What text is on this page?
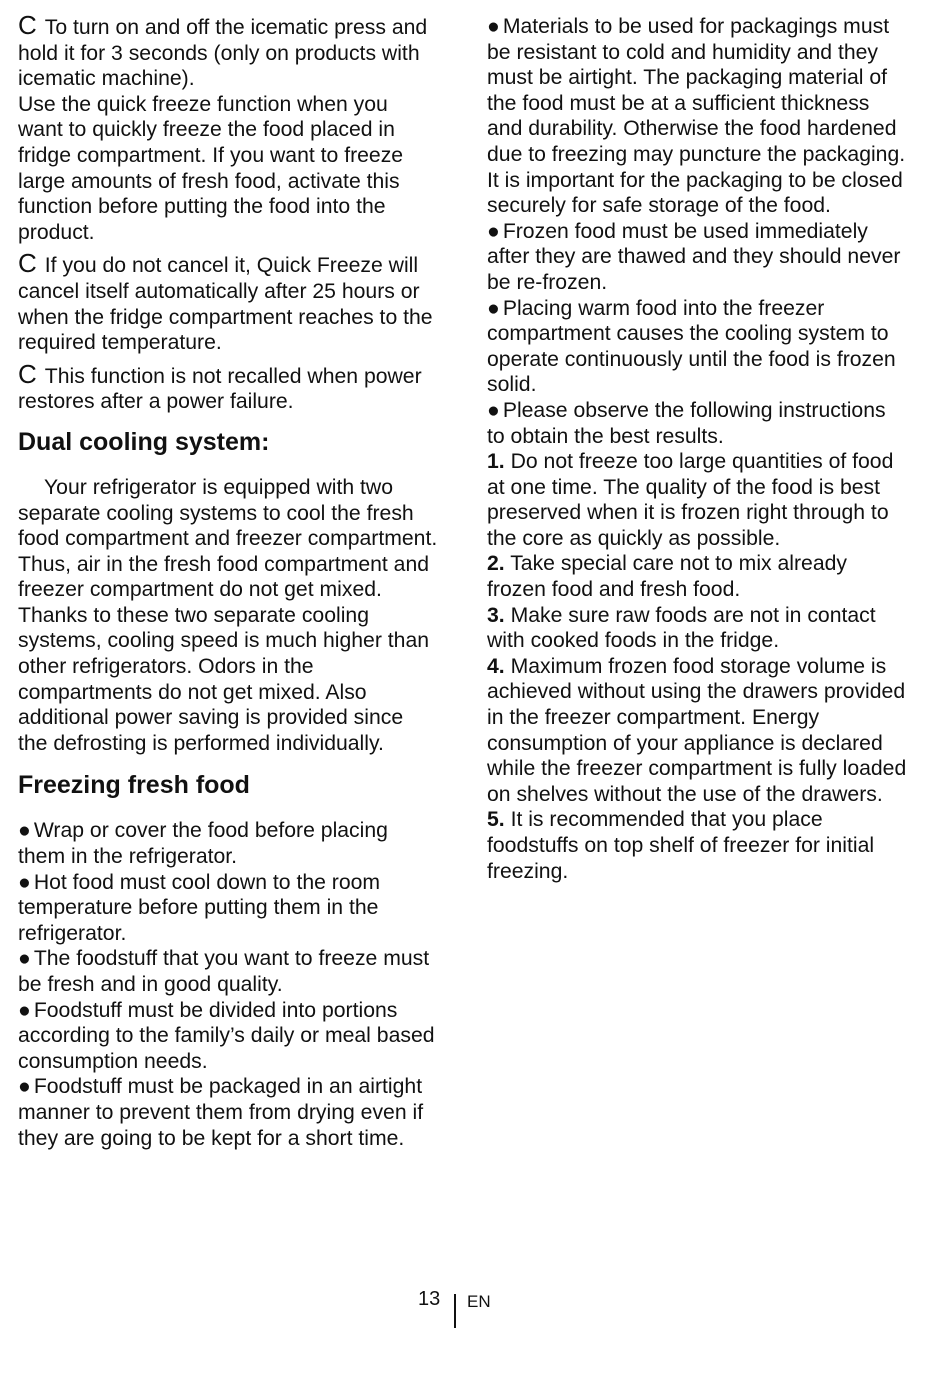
C To turn on and off the icematic press and hold it for 3 seconds (only on products with icematic machine).

Use the quick freeze function when you want to quickly freeze the food placed in fridge compartment. If you want to freeze large amounts of fresh food, activate this function before putting the food into the product.

C If you do not cancel it, Quick Freeze will cancel itself automatically after 25 hours or when the fridge compartment reaches to the required temperature.

C This function is not recalled when power restores after a power failure.

Dual cooling system:

Your refrigerator is equipped with two separate cooling systems to cool the fresh food compartment and freezer compartment. Thus, air in the fresh food compartment and freezer compartment do not get mixed.

Thanks to these two separate cooling systems, cooling speed is much higher than other refrigerators. Odors in the compartments do not get mixed. Also additional power saving is provided since the defrosting is performed individually.

Freezing fresh food

● Wrap or cover the food before placing them in the refrigerator.

● Hot food must cool down to the room temperature before putting them in the refrigerator.

● The foodstuff that you want to freeze must be fresh and in good quality.

● Foodstuff must be divided into portions according to the family’s daily or meal based consumption needs.

● Foodstuff must be packaged in an airtight manner to prevent them from drying even if they are going to be kept for a short time.

● Materials to be used for packagings must be resistant to cold and humidity and they must be airtight. The packaging material of the food must be at a sufficient thickness and durability. Otherwise the food hardened due to freezing may puncture the packaging. It is important for the packaging to be closed securely for safe storage of the food.

● Frozen food must be used immediately after they are thawed and they should never be re-frozen.

● Placing warm food into the freezer compartment causes the cooling system to operate continuously until the food is frozen solid.

● Please observe the following instructions to obtain the best results.

1. Do not freeze too large quantities of food at one time. The quality of the food is best preserved when it is frozen right through to the core as quickly as possible.

2. Take special care not to mix already frozen food and fresh food.

3. Make sure raw foods are not in contact with cooked foods in the fridge.

4. Maximum frozen food storage volume is achieved without using the drawers provided in the freezer compartment. Energy consumption of your appliance is declared while the freezer compartment is fully loaded on shelves without the use of the drawers.

5. It is recommended that you place foodstuffs on top shelf of freezer for initial freezing.

13 EN
